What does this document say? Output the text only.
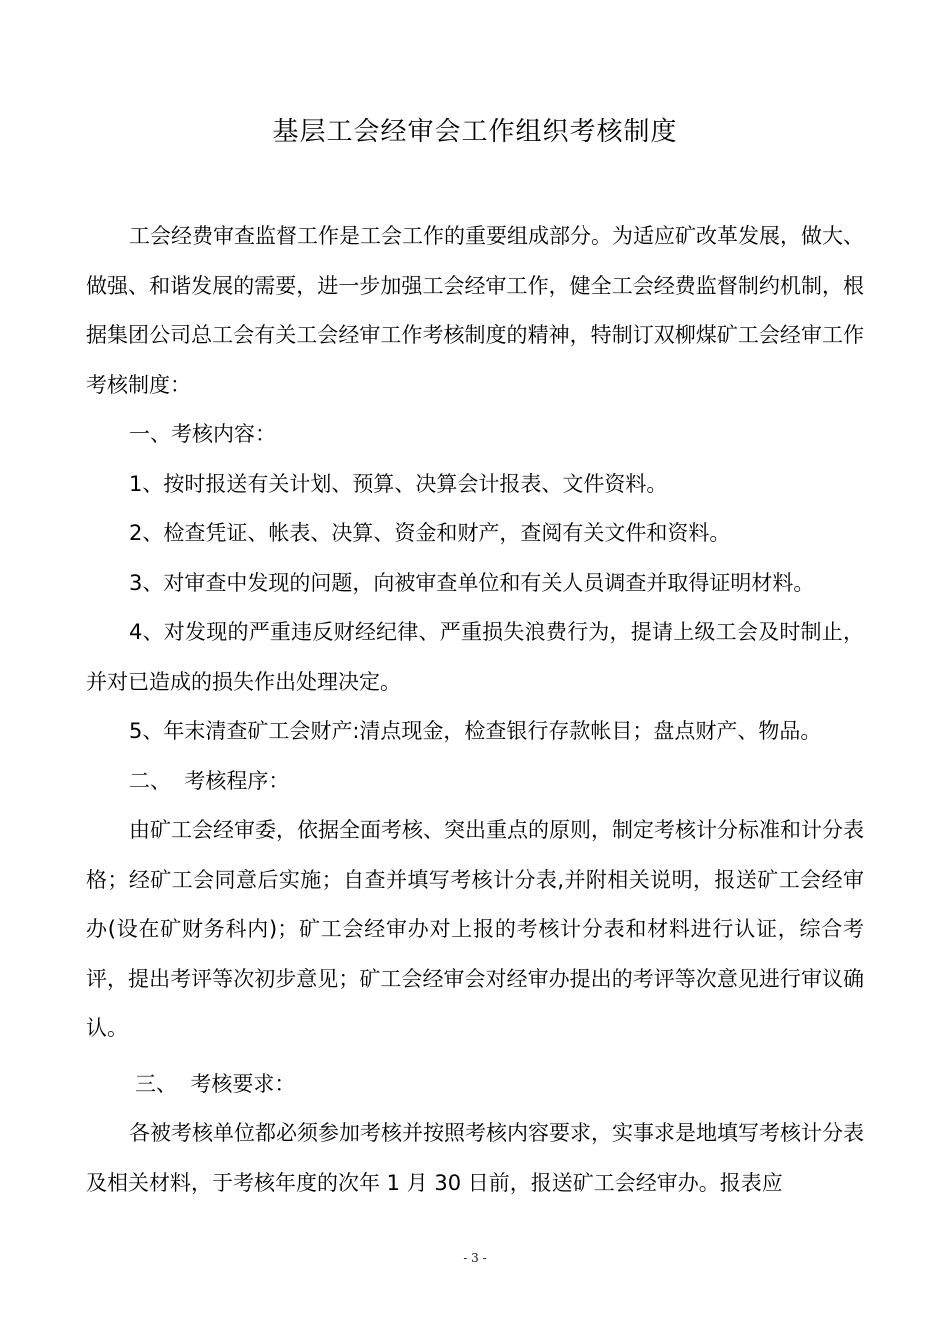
基层工会经审会工作组织考核制度

工会经费审查监督工作是工会工作的重要组成部分。为适应矿改革发展，做大、做强、和谐发展的需要，进一步加强工会经审工作，健全工会经费监督制约机制，根据集团公司总工会有关工会经审工作考核制度的精神，特制订双柳煤矿工会经审工作考核制度：

一、考核内容：

1、按时报送有关计划、预算、决算会计报表、文件资料。

2、检查凭证、帐表、决算、资金和财产，查阅有关文件和资料。

3、对审查中发现的问题，向被审查单位和有关人员调查并取得证明材料。

4、对发现的严重违反财经纪律、严重损失浪费行为，提请上级工会及时制止，并对已造成的损失作出处理决定。

5、年末清查矿工会财产:清点现金，检查银行存款帐目；盘点财产、物品。

二、  考核程序：

由矿工会经审委，依据全面考核、突出重点的原则，制定考核计分标准和计分表格；经矿工会同意后实施；自查并填写考核计分表,并附相关说明，报送矿工会经审办(设在矿财务科内)；矿工会经审办对上报的考核计分表和材料进行认证，综合考评，提出考评等次初步意见；矿工会经审会对经审办提出的考评等次意见进行审议确认。

三、  考核要求：

各被考核单位都必须参加考核并按照考核内容要求，实事求是地填写考核计分表及相关材料，于考核年度的次年 1 月 30 日前，报送矿工会经审办。报表应

- 3 -
